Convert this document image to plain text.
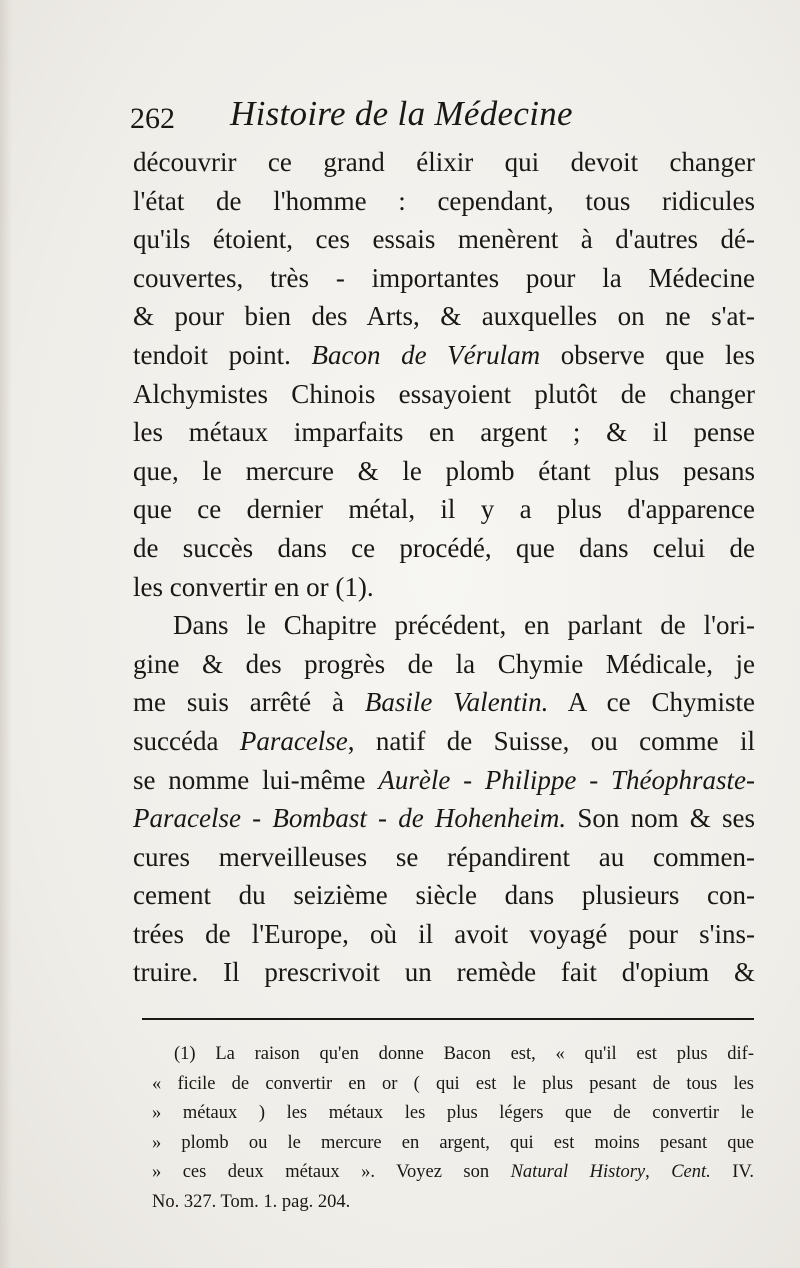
262 Histoire de la Médecine
découvrir ce grand élixir qui devoit changer
l'état de l'homme : cependant, tous ridicules
qu'ils étoient, ces essais menèrent à d'autres dé-
couvertes, très - importantes pour la Médecine
& pour bien des Arts, & auxquelles on ne s'at-
tendoit point. Bacon de Vérulam observe que les
Alchymistes Chinois essayoient plutôt de changer
les métaux imparfaits en argent ; & il pense
que, le mercure & le plomb étant plus pesans
que ce dernier métal, il y a plus d'apparence
de succès dans ce procédé, que dans celui de
les convertir en or (1).
Dans le Chapitre précédent, en parlant de l'ori-
gine & des progrès de la Chymie Médicale, je
me suis arrêté à Basile Valentin. A ce Chymiste
succéda Paracelse, natif de Suisse, ou comme il
se nomme lui-même Aurèle - Philippe - Théophraste-
Paracelse - Bombast - de Hohenheim. Son nom & ses
cures merveilleuses se répandirent au commen-
cement du seizième siècle dans plusieurs con-
trées de l'Europe, où il avoit voyagé pour s'ins-
truire. Il prescrivoit un remède fait d'opium &
(1) La raison qu'en donne Bacon est, « qu'il est plus dif-
« ficile de convertir en or ( qui est le plus pesant de tous les
» métaux ) les métaux les plus légers que de convertir le
» plomb ou le mercure en argent, qui est moins pesant que
» ces deux métaux ». Voyez son Natural History, Cent. IV.
No. 327. Tom. 1. pag. 204.
